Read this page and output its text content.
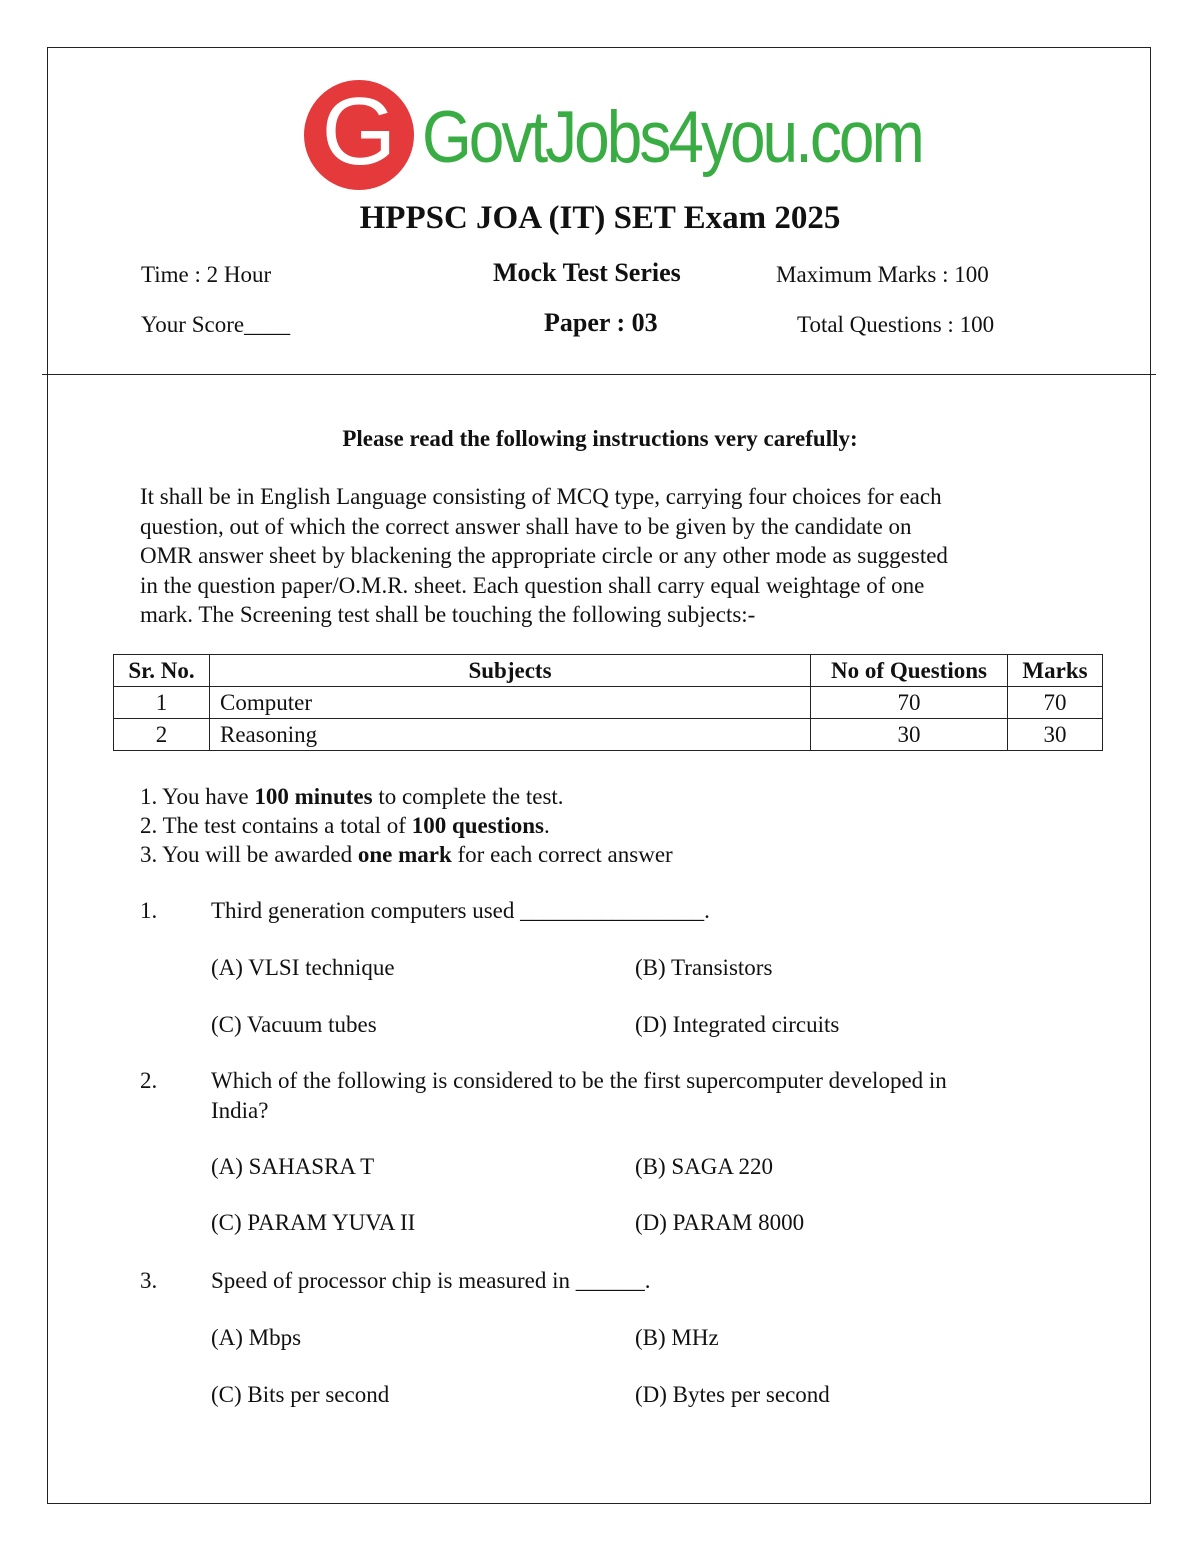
G GovtJobs4you.com
HPPSC JOA (IT) SET Exam 2025
Time : 2 Hour	Mock Test Series	Maximum Marks : 100
Your Score____	Paper : 03	Total Questions : 100
Please read the following instructions very carefully:
It shall be in English Language consisting of MCQ type, carrying four choices for each
question, out of which the correct answer shall have to be given by the candidate on
OMR answer sheet by blackening the appropriate circle or any other mode as suggested
in the question paper/O.M.R. sheet. Each question shall carry equal weightage of one
mark. The Screening test shall be touching the following subjects:-
Sr. No.	Subjects	No of Questions	Marks
1	Computer	70	70
2	Reasoning	30	30
1. You have 100 minutes to complete the test.
2. The test contains a total of 100 questions.
3. You will be awarded one mark for each correct answer
1. Third generation computers used ________________.
(A) VLSI technique	(B) Transistors
(C) Vacuum tubes	(D) Integrated circuits
2. Which of the following is considered to be the first supercomputer developed in
India?
(A) SAHASRA T	(B) SAGA 220
(C) PARAM YUVA II	(D) PARAM 8000
3. Speed of processor chip is measured in ______.
(A) Mbps	(B) MHz
(C) Bits per second	(D) Bytes per second
